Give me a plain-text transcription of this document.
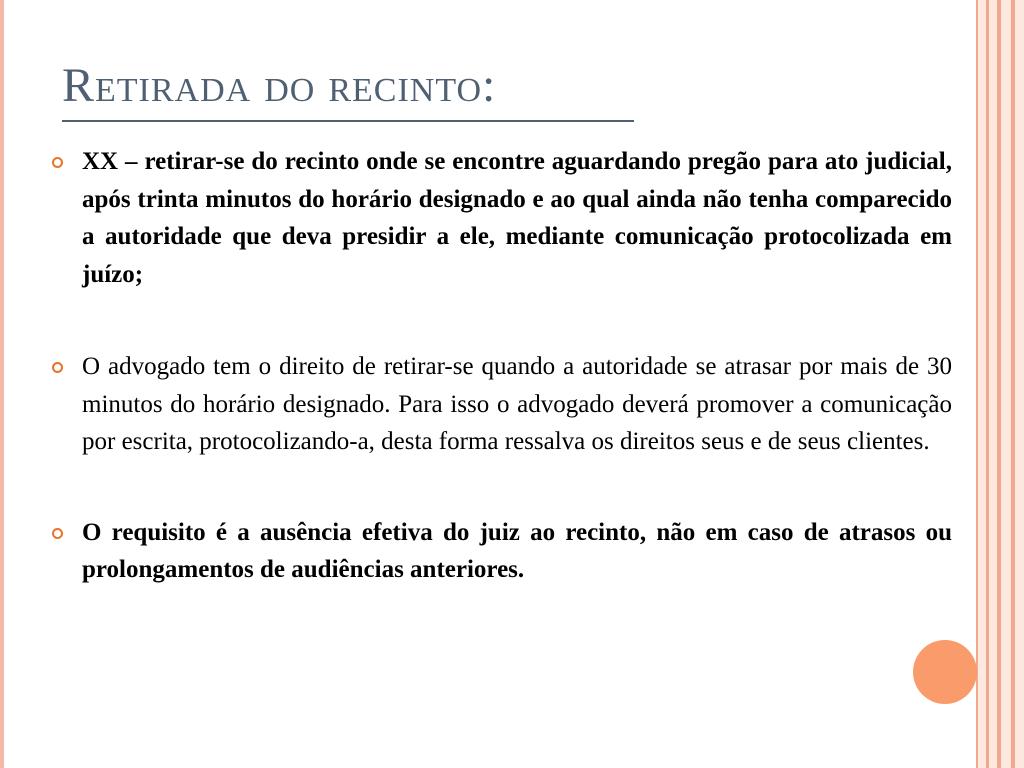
Retirada do recinto:
XX – retirar-se do recinto onde se encontre aguardando pregão para ato judicial, após trinta minutos do horário designado e ao qual ainda não tenha comparecido a autoridade que deva presidir a ele, mediante comunicação protocolizada em juízo;
O advogado tem o direito de retirar-se quando a autoridade se atrasar por mais de 30 minutos do horário designado. Para isso o advogado deverá promover a comunicação por escrita, protocolizando-a, desta forma ressalva os direitos seus e de seus clientes.
O requisito é a ausência efetiva do juiz ao recinto, não em caso de atrasos ou prolongamentos de audiências anteriores.
